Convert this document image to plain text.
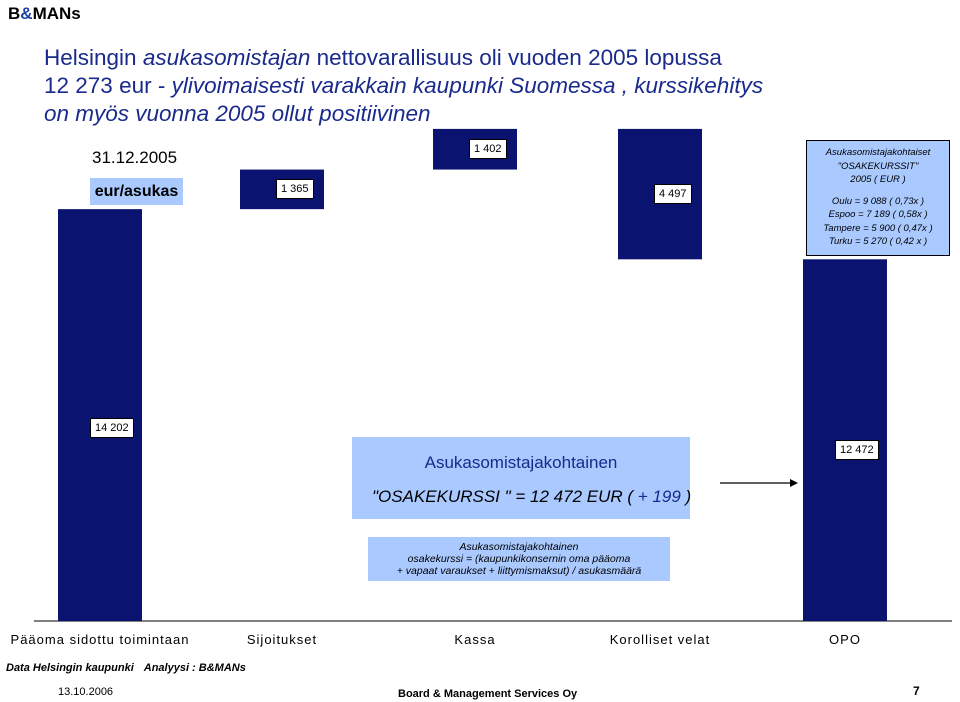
B&MANs
Helsingin asukasomistajan nettovarallisuus oli vuoden 2005 lopussa
12 273 eur - ylivoimaisesti varakkain kaupunki Suomessa , kurssikehitys
on myös vuonna 2005 ollut positiivinen
31.12.2005
eur/asukas
14 202
1 365
1 402
4 497
12 472
Asukasomistajakohtaiset
"OSAKEKURSSIT"
2005 ( EUR )
Oulu = 9 088 ( 0,73x )
Espoo = 7 189 ( 0,58x )
Tampere = 5 900 ( 0,47x )
Turku = 5 270 ( 0,42 x )
Asukasomistajakohtainen
"OSAKEKURSSI " = 12 472 EUR ( + 199 )
Asukasomistajakohtainen
osakekurssi = (kaupunkikonsernin oma pääoma
+ vapaat varaukset + liittymismaksut) / asukasmäärä
Pääoma sidottu toimintaan	Sijoitukset	Kassa	Korolliset velat	OPO
Data Helsingin kaupunki Analyysi : B&MANs
13.10.2006	Board & Management Services Oy	7
